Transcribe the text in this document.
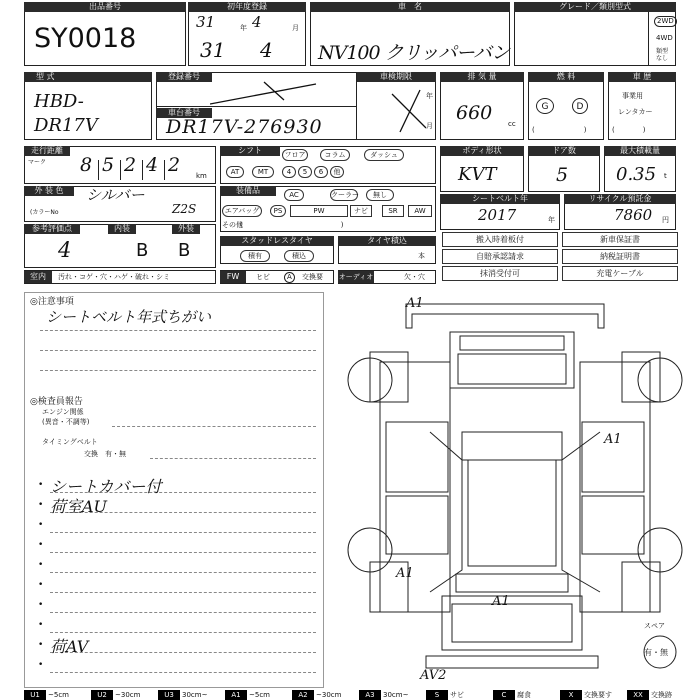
出品番号
SY0018
初年度登録
31 4
31 4
年	月
車　名
NV100 クリッパーバン
グレード／類別型式
2WD
4WD
類型
なし
型 式
HBD-DR17V
登録番号	車検期限
車台番号
年
月
DR17V-276930
排 気 量
660 cc
燃 料
G	D
(　　　　　　　)
車 歴
事業用
レンタカー
(　　　　)
走行距離
マーク 8 5 2 4 2 km
シフト	フロア	コラム	ダッシュ
AT	MT	4	5	6	他
ボディ形状
KVT
ドア数
5
最大積載量
0.35 t
外 装 色	シルバー
(カラーNo	Z2S
装備品	AC	クーラー	無し
エアバッグ	PS	PW	ナビ	SR	AW
その他
(　　　　　　　　　　　　　　)
シートベルト年
2017	年
リサイクル預託金
7860 円
参考評価点	内装	外装
4	B B	スタッドレスタイヤ
積有	積込
タイヤ積込
本
搬入時着板付	新車保証書
自賠承認請求	納税証明書
抹消受付可	充電ケーブル
室内	汚れ・コゲ・穴・ハゲ・破れ・シミ	FW	ヒビ	A	交換要 オーディオ	欠・穴
◎注意事項
シートベルト年式ちがい
◎検査員報告
エンジン関係
(異音・不調等)
タイミングベルト
交換　有・無
• シートカバー付
• 荷室AU
•
•
•
•
•
•
• 荷AV
•
A1
A1
A1
A1
AV2
スペア
有・無
U1	~5cm	U2	~30cm	U3	30cm~	A1	~5cm	A2	~30cm	A3	30cm~	S	サビ	C	腐食	X	交換要す	XX	交換跡
